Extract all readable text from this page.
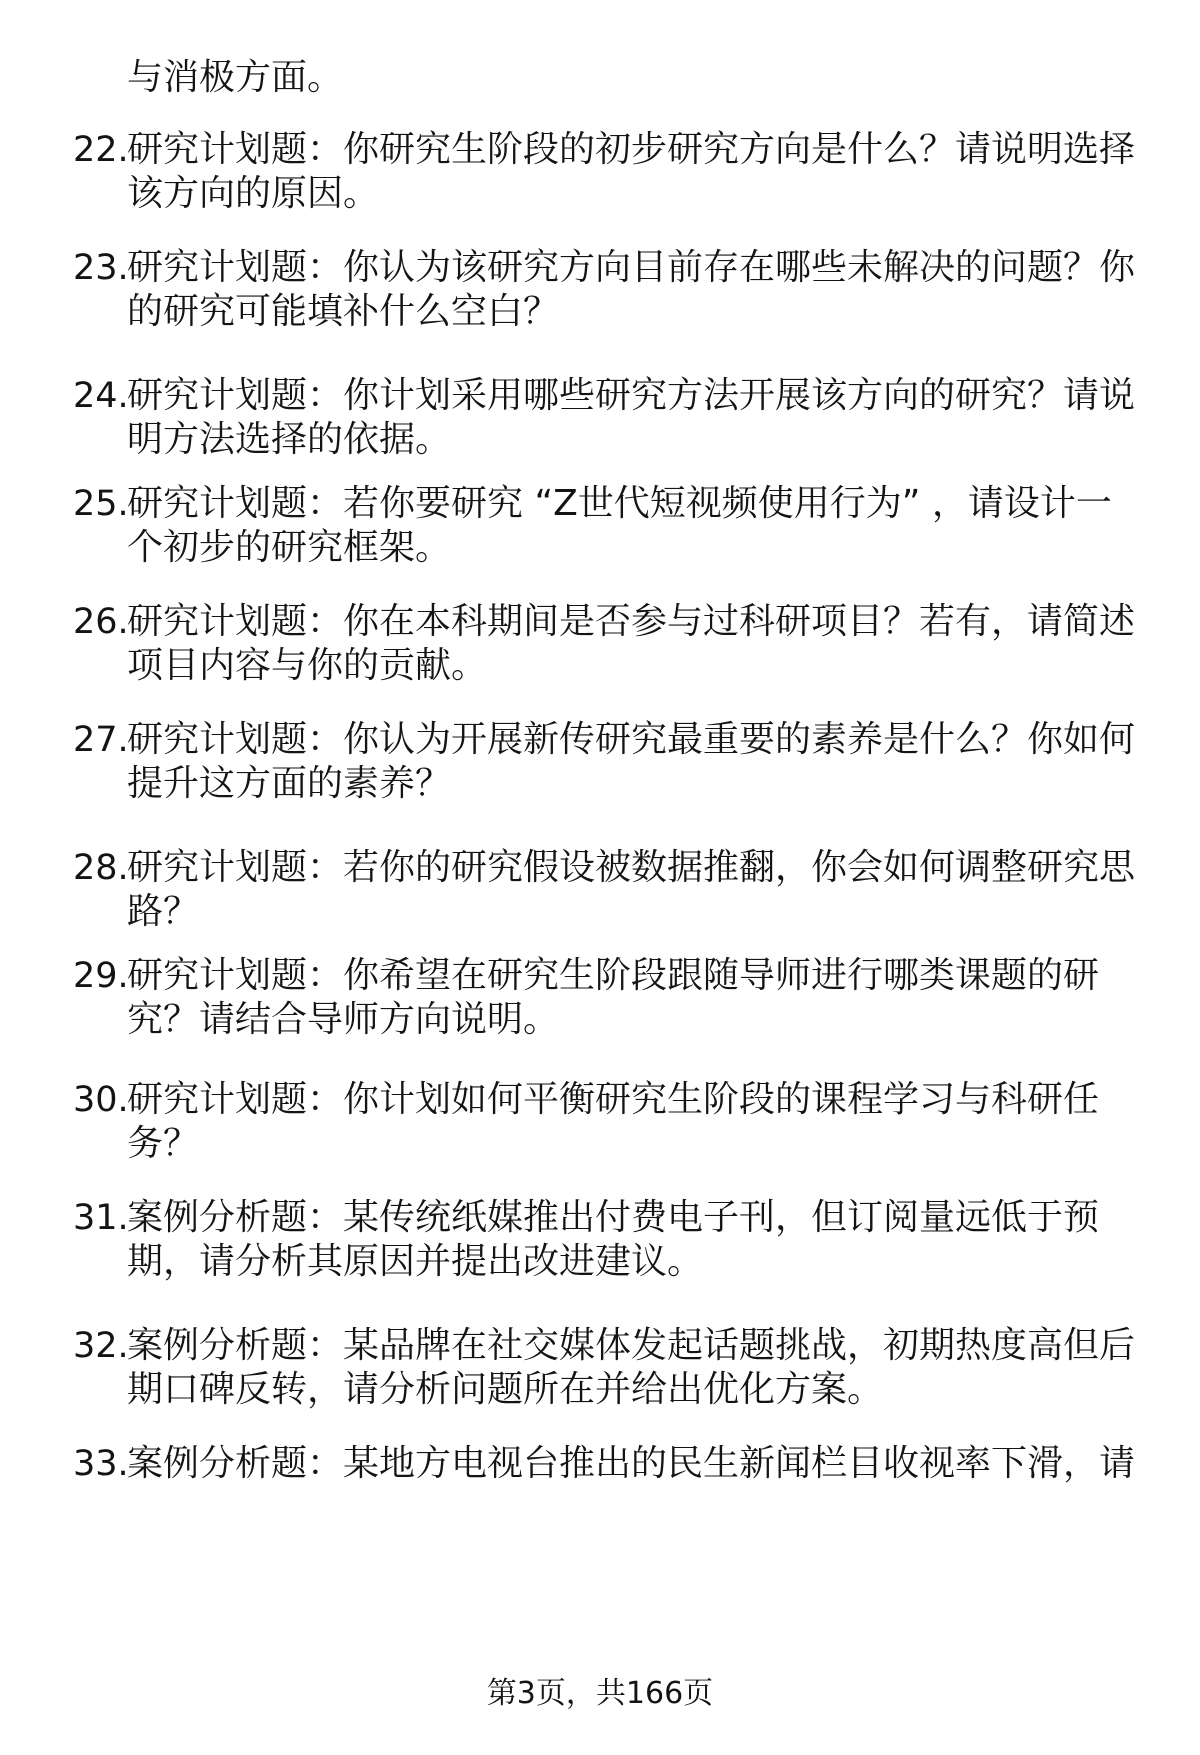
与消极方面。
22.
研究计划题：你研究生阶段的初步研究方向是什么？请说明选择
该方向的原因。
23.
研究计划题：你认为该研究方向目前存在哪些未解决的问题？你
的研究可能填补什么空白？
24.
研究计划题：你计划采用哪些研究方法开展该方向的研究？请说
明方法选择的依据。
25.
研究计划题：若你要研究 “Z世代短视频使用行为” ，请设计一
个初步的研究框架。
26.
研究计划题：你在本科期间是否参与过科研项目？若有，请简述
项目内容与你的贡献。
27.
研究计划题：你认为开展新传研究最重要的素养是什么？你如何
提升这方面的素养？
28.
研究计划题：若你的研究假设被数据推翻，你会如何调整研究思
路？
29.
研究计划题：你希望在研究生阶段跟随导师进行哪类课题的研
究？请结合导师方向说明。
30.
研究计划题：你计划如何平衡研究生阶段的课程学习与科研任
务？
31.
案例分析题：某传统纸媒推出付费电子刊，但订阅量远低于预
期，请分析其原因并提出改进建议。
32.
案例分析题：某品牌在社交媒体发起话题挑战，初期热度高但后
期口碑反转，请分析问题所在并给出优化方案。
33.
案例分析题：某地方电视台推出的民生新闻栏目收视率下滑，请
第3页，共166页
